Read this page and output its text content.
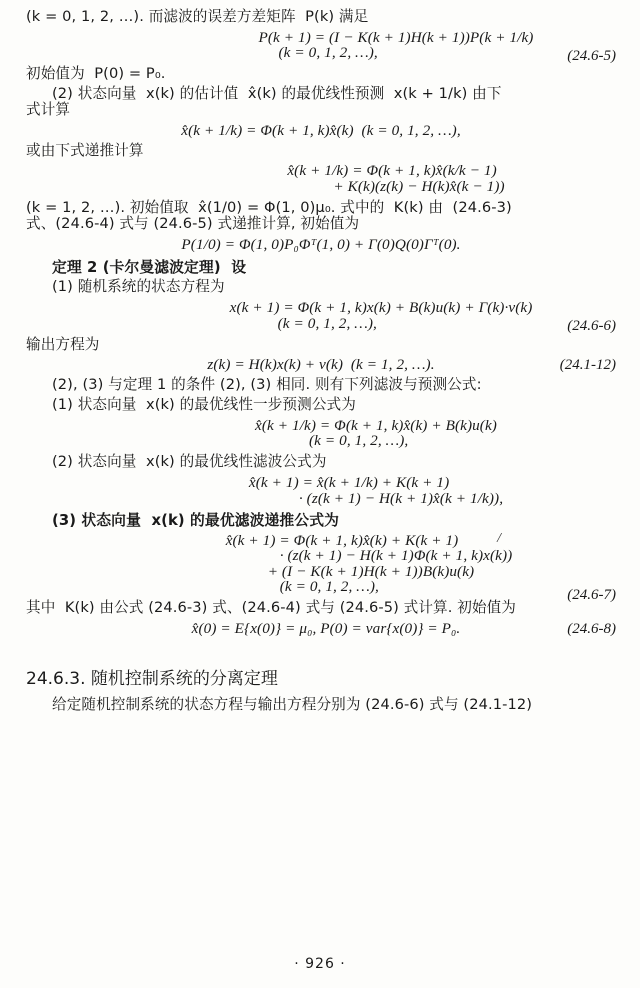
(k = 0, 1, 2, …). 而滤波的误差方差矩阵  P(k) 满足
P(k + 1) = (I − K(k + 1)H(k + 1))P(k + 1/k)
(k = 0, 1, 2, …),	(24.6-5)
初始值为  P(0) = P₀.
(2) 状态向量  x(k) 的估计值  x̂(k) 的最优线性预测  x(k + 1/k) 由下
式计算
x̂(k + 1/k) = Φ(k + 1, k)x̂(k)  (k = 0, 1, 2, …),
或由下式递推计算
x̂(k + 1/k) = Φ(k + 1, k)x̂(k/k − 1)
+ K(k)(z(k) − H(k)x̂(k − 1))
(k = 1, 2, …). 初始值取  x̂(1/0) = Φ(1, 0)μ₀. 式中的  K(k) 由  (24.6-3)
式、(24.6-4) 式与 (24.6-5) 式递推计算, 初始值为
P(1/0) = Φ(1, 0)P₀Φᵀ(1, 0) + Γ(0)Q(0)Γᵀ(0).
定理 2 (卡尔曼滤波定理)  设
(1) 随机系统的状态方程为
x(k + 1) = Φ(k + 1, k)x(k) + B(k)u(k) + Γ(k)·v(k)
(k = 0, 1, 2, …),	(24.6-6)
输出方程为
z(k) = H(k)x(k) + v(k)  (k = 1, 2, …).	(24.1-12)
(2), (3) 与定理 1 的条件 (2), (3) 相同. 则有下列滤波与预测公式:
(1) 状态向量  x(k) 的最优线性一步预测公式为
x̂(k + 1/k) = Φ(k + 1, k)x̂(k) + B(k)u(k)
(k = 0, 1, 2, …),
(2) 状态向量  x(k) 的最优线性滤波公式为
x̂(k + 1) = x̂(k + 1/k) + K(k + 1)
· (z(k + 1) − H(k + 1)x̂(k + 1/k)),
(3) 状态向量  x(k) 的最优滤波递推公式为
x̂(k + 1) = Φ(k + 1, k)x̂(k) + K(k + 1)
· (z(k + 1) − H(k + 1)Φ(k + 1, k)x(k))
+ (I − K(k + 1)H(k + 1))B(k)u(k)
(k = 0, 1, 2, …),
/
(24.6-7)
其中  K(k) 由公式 (24.6-3) 式、(24.6-4) 式与 (24.6-5) 式计算. 初始值为
x̂(0) = E{x(0)} = μ₀, P(0) = var{x(0)} = P₀.	(24.6-8)
24.6.3. 随机控制系统的分离定理
给定随机控制系统的状态方程与输出方程分别为 (24.6-6) 式与 (24.1-12)
· 926 ·
